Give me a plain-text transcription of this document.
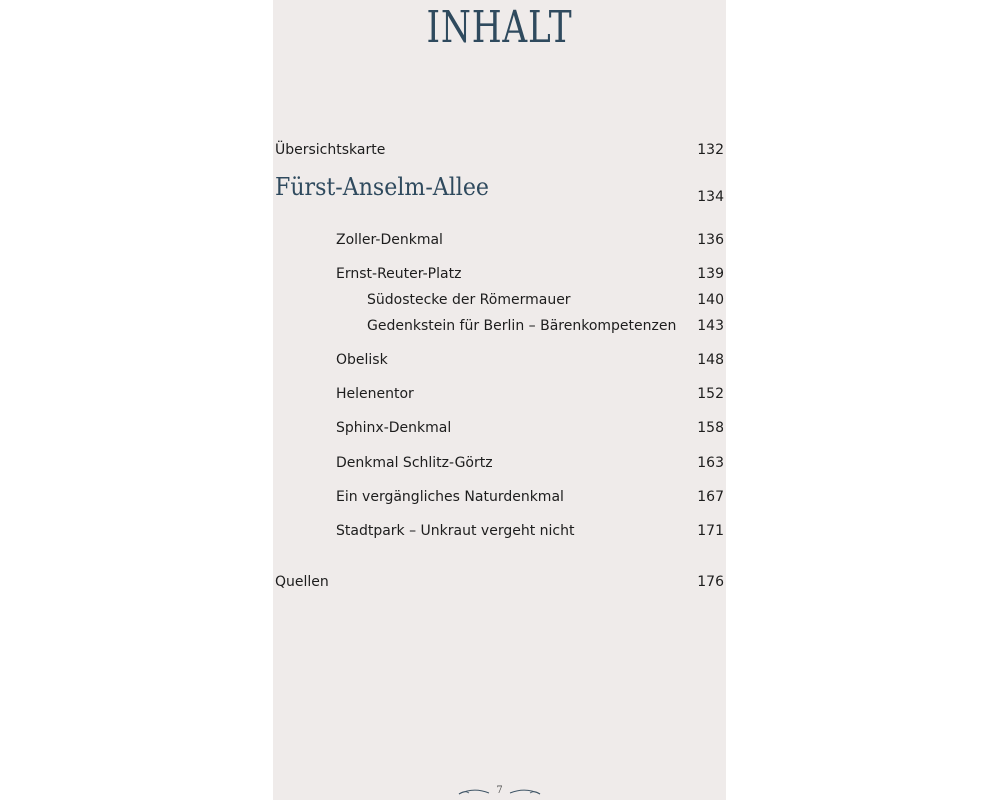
INHALT
Übersichtskarte	132
Fürst-Anselm-Allee	134
Zoller-Denkmal	136
Ernst-Reuter-Platz	139
Südostecke der Römermauer	140
Gedenkstein für Berlin – Bärenkompetenzen 143
Obelisk	148
Helenentor	152
Sphinx-Denkmal	158
Denkmal Schlitz-Görtz	163
Ein vergängliches Naturdenkmal	167
Stadtpark – Unkraut vergeht nicht	171
Quellen	176
7
